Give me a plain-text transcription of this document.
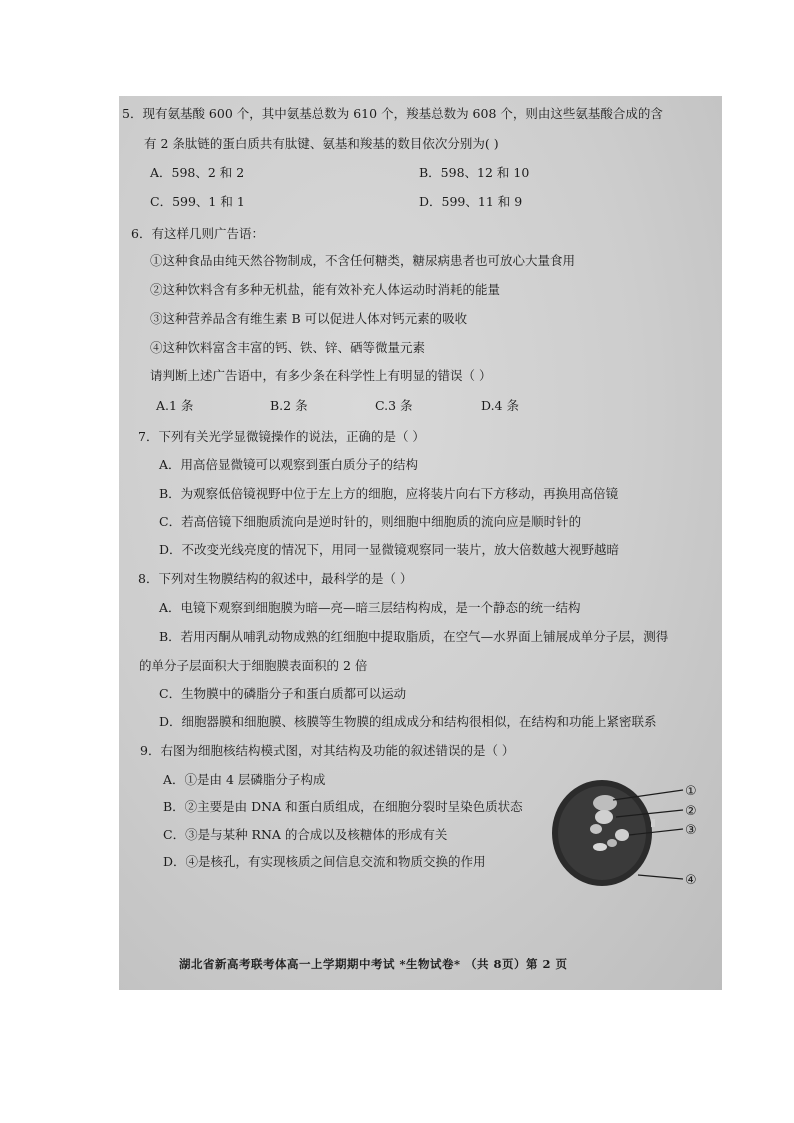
5．现有氨基酸 600 个，其中氨基总数为 610 个，羧基总数为 608 个，则由这些氨基酸合成的含
有 2 条肽链的蛋白质共有肽键、氨基和羧基的数目依次分别为( )
A．598、2 和 2	B．598、12 和 10
C．599、1 和 1	D．599、11 和 9
6．有这样几则广告语：
①这种食品由纯天然谷物制成，不含任何糖类，糖尿病患者也可放心大量食用
②这种饮料含有多种无机盐，能有效补充人体运动时消耗的能量
③这种营养品含有维生素 B 可以促进人体对钙元素的吸收
④这种饮料富含丰富的钙、铁、锌、硒等微量元素
请判断上述广告语中，有多少条在科学性上有明显的错误（ ）
A.1 条	B.2 条	C.3 条	D.4 条
7．下列有关光学显微镜操作的说法，正确的是（ ）
A．用高倍显微镜可以观察到蛋白质分子的结构
B．为观察低倍镜视野中位于左上方的细胞，应将装片向右下方移动，再换用高倍镜
C．若高倍镜下细胞质流向是逆时针的，则细胞中细胞质的流向应是顺时针的
D．不改变光线亮度的情况下，用同一显微镜观察同一装片，放大倍数越大视野越暗
8．下列对生物膜结构的叙述中，最科学的是（ ）
A．电镜下观察到细胞膜为暗—亮—暗三层结构构成，是一个静态的统一结构
B．若用丙酮从哺乳动物成熟的红细胞中提取脂质，在空气—水界面上铺展成单分子层，测得
的单分子层面积大于细胞膜表面积的 2 倍
C．生物膜中的磷脂分子和蛋白质都可以运动
D．细胞器膜和细胞膜、核膜等生物膜的组成成分和结构很相似，在结构和功能上紧密联系
9．右图为细胞核结构模式图，对其结构及功能的叙述错误的是（ ）
A．①是由 4 层磷脂分子构成
B．②主要是由 DNA 和蛋白质组成，在细胞分裂时呈染色质状态
C．③是与某种 RNA 的合成以及核糖体的形成有关
D．④是核孔，有实现核质之间信息交流和物质交换的作用
①
②
③
④
湖北省新高考联考体高一上学期期中考试 *生物试卷* （共 8页）第 2 页
